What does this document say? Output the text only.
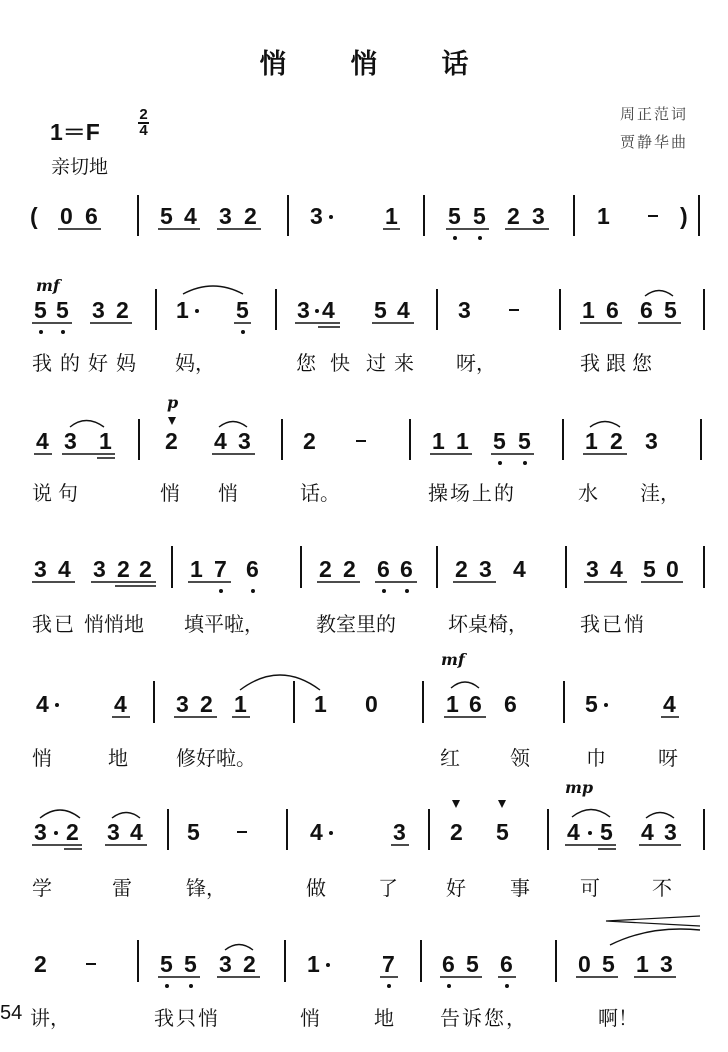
悄悄话
1＝F
2
4
亲切地
周正范词
贾静华曲
( 0 6	5 4 3 2 3	1 5 5 2 3 1	)
mf
5 5 3 2 1 5 3 4 5 4 3	1 6 6 5
4 3 1
p
2 4 3 2	1 1 5 5 1 2 3
3 4 3 2 2 1 7 6	2 2 6 6 2 3 4	3 4 5 0
4	4 3 2 1	1 0
mf
1 6 6	5	4
3 2 3 4 5	4	3 2 5
mp
4 5 4 3
2	5 5 3 2 1	7 6 5 6	0 5 1 3
我的好妈 妈，	您 快 过来 呀，	我跟您
说句	悄 悄	话。	操场上的	水 洼，
我已 悄悄地 填平啦，	教室里的	坏桌椅，	我已悄
悄	地 修好啦。	红	领	巾	呀
学	雷	锋，	做	了 好 事	可	不
讲，	我只悄	悄	地 告诉您，	啊！
54
